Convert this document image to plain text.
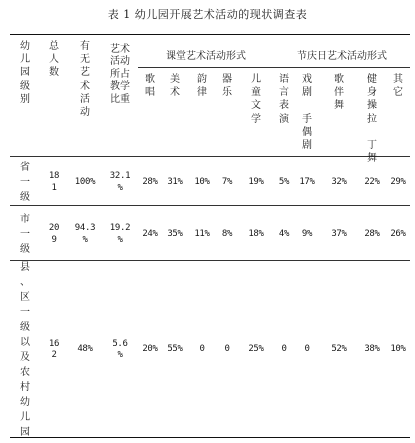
表 1 幼儿园开展艺术活动的现状调查表
幼
儿
园
级
别
总
人
数
有
无
艺
术
活
动
艺术
活动
所占
教学
比重
课堂艺术活动形式	节庆日艺术活动形式
歌
唱
美
术
韵
律
器
乐
儿
童
文
学
语
言
表
演
戏
剧

手
偶
剧
歌
伴
舞
健
身
操
拉

丁
舞
其
它
省
一
级
18
1
100%
32.1
%
28% 31% 10% 7% 19% 5% 17% 32% 22% 29%
市
一
级
20
9
94.3
%
19.2
%
24% 35% 11% 8% 18% 4% 9% 37% 28% 26%
县
、
区
一
级
以
及
农
村
幼
儿
园
16
2
48%
5.6
%
20% 55% 0 0 25% 0 0 52% 38% 10%
